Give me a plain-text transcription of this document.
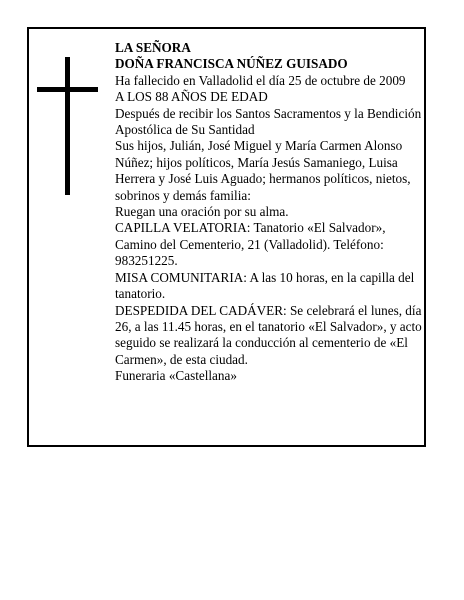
LA SEÑORA

DOÑA FRANCISCA NÚÑEZ GUISADO

Ha fallecido en Valladolid el día 25 de octubre de 2009

A LOS 88 AÑOS DE EDAD

Después de recibir los Santos Sacramentos y la Bendición Apostólica de Su Santidad

Sus hijos, Julián, José Miguel y María Carmen Alonso Núñez; hijos políticos, María Jesús Samaniego, Luisa Herrera y José Luis Aguado; hermanos políticos, nietos, sobrinos y demás familia:

Ruegan una oración por su alma.

CAPILLA VELATORIA: Tanatorio «El Salvador», Camino del Cementerio, 21 (Valladolid). Teléfono: 983251225.

MISA COMUNITARIA: A las 10 horas, en la capilla del tanatorio.

DESPEDIDA DEL CADÁVER: Se celebrará el lunes, día 26, a las 11.45 horas, en el tanatorio «El Salvador», y acto seguido se realizará la conducción al cementerio de «El Carmen», de esta ciudad.

Funeraria «Castellana»
